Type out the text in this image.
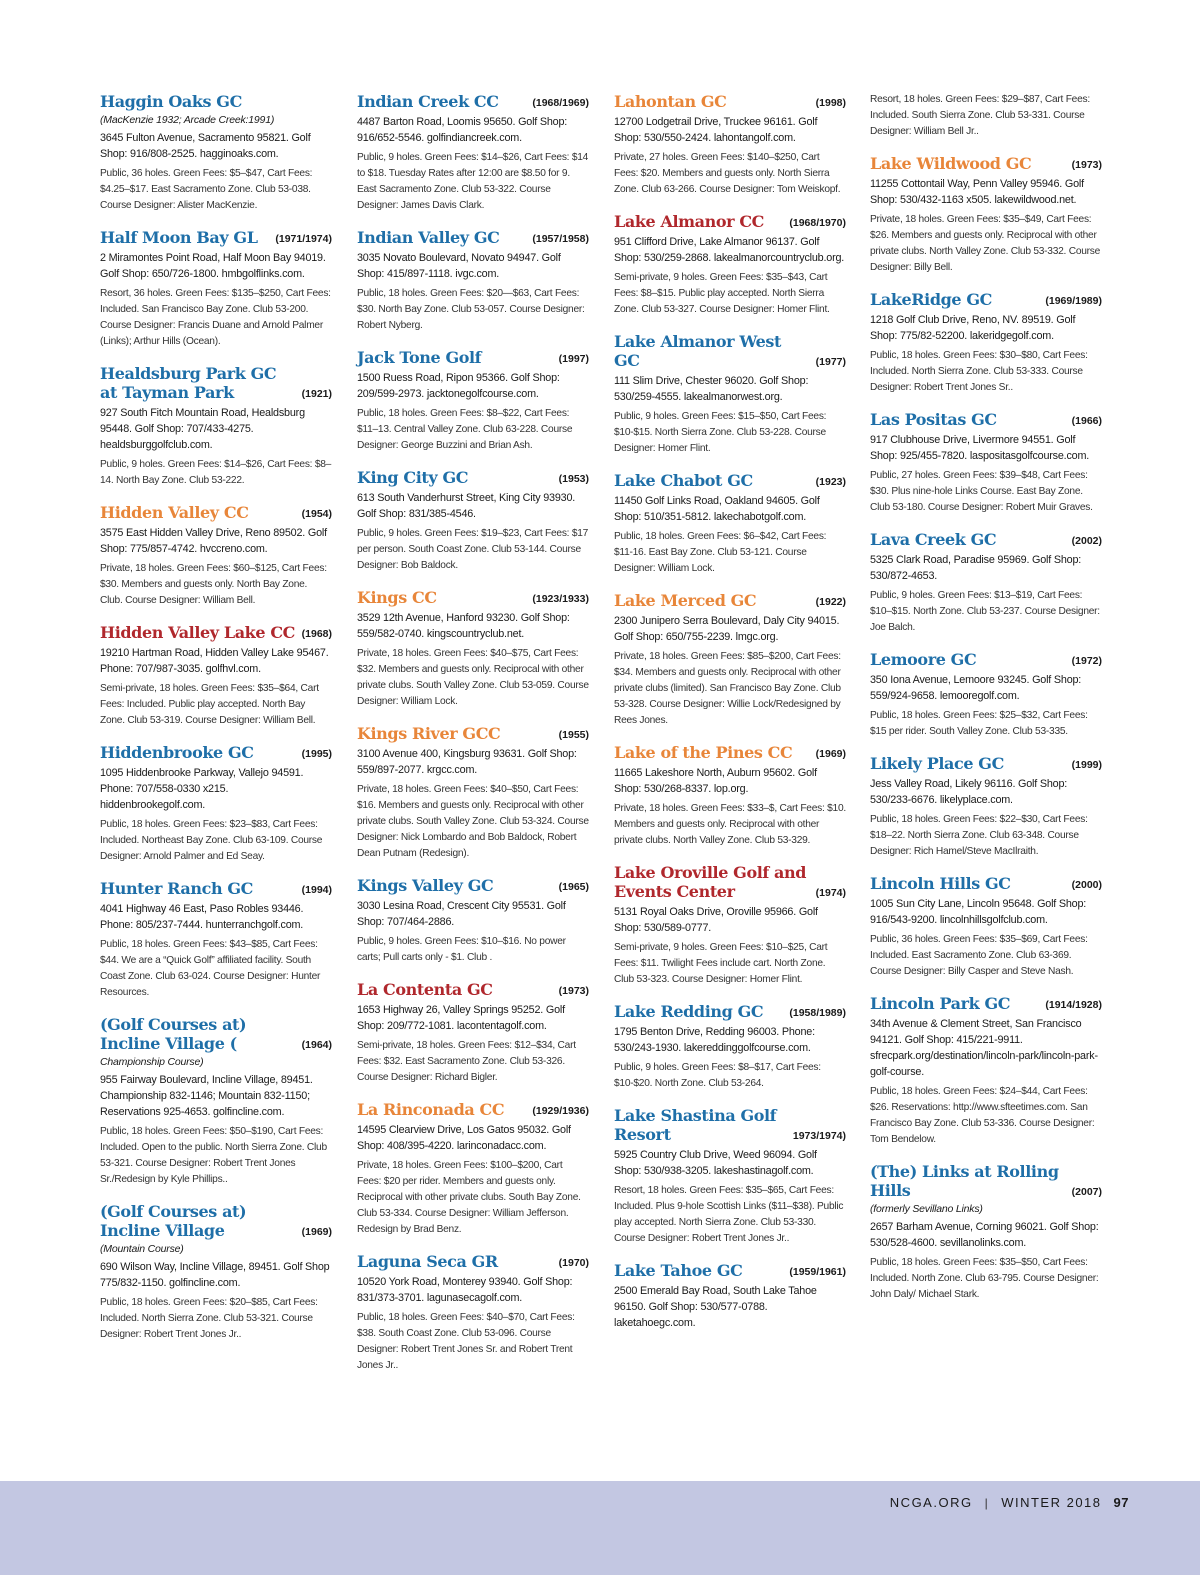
Haggin Oaks GC
(MacKenzie 1932; Arcade Creek:1991)
3645 Fulton Avenue, Sacramento 95821. Golf Shop: 916/808-2525. hagginoaks.com.
Public, 36 holes. Green Fees: $5–$47, Cart Fees: $4.25–$17. East Sacramento Zone. Club 53-038. Course Designer: Alister MacKenzie.
Half Moon Bay GL (1971/1974)
2 Miramontes Point Road, Half Moon Bay 94019. Golf Shop: 650/726-1800. hmbgolflinks.com.
Resort, 36 holes. Green Fees: $135–$250, Cart Fees: Included. San Francisco Bay Zone. Club 53-200. Course Designer: Francis Duane and Arnold Palmer (Links); Arthur Hills (Ocean).
Healdsburg Park GC at Tayman Park	(1921)
927 South Fitch Mountain Road, Healdsburg 95448. Golf Shop: 707/433-4275. healdsburggolfclub.com.
Public, 9 holes. Green Fees: $14–$26, Cart Fees: $8–14. North Bay Zone. Club 53-222.
Hidden Valley CC	(1954)
3575 East Hidden Valley Drive, Reno 89502. Golf Shop: 775/857-4742. hvccreno.com.
Private, 18 holes. Green Fees: $60–$125, Cart Fees: $30. Members and guests only. North Bay Zone. Club. Course Designer: William Bell.
Hidden Valley Lake CC (1968)
19210 Hartman Road, Hidden Valley Lake 95467. Phone: 707/987-3035. golfhvl.com.
Semi-private, 18 holes. Green Fees: $35–$64, Cart Fees: Included. Public play accepted. North Bay Zone. Club 53-319. Course Designer: William Bell.
Hiddenbrooke GC	(1995)
1095 Hiddenbrooke Parkway, Vallejo 94591. Phone: 707/558-0330 x215. hiddenbrookegolf.com.
Public, 18 holes. Green Fees: $23–$83, Cart Fees: Included. Northeast Bay Zone. Club 63-109. Course Designer: Arnold Palmer and Ed Seay.
Hunter Ranch GC	(1994)
4041 Highway 46 East, Paso Robles 93446. Phone: 805/237-7444. hunterranchgolf.com.
Public, 18 holes. Green Fees: $43–$85, Cart Fees: $44. We are a “Quick Golf” affiliated facility. South Coast Zone. Club 63-024. Course Designer: Hunter Resources.
(Golf Courses at) Incline Village (	(1964)
Championship Course)
955 Fairway Boulevard, Incline Village, 89451. Championship 832-1146; Mountain 832-1150; Reservations 925-4653. golfincline.com.
Public, 18 holes. Green Fees: $50–$190, Cart Fees: Included. Open to the public. North Sierra Zone. Club 53-321. Course Designer: Robert Trent Jones Sr./Redesign by Kyle Phillips..
(Golf Courses at) Incline Village	(1969)
(Mountain Course)
690 Wilson Way, Incline Village, 89451. Golf Shop 775/832-1150. golfincline.com.
Public, 18 holes. Green Fees: $20–$85, Cart Fees: Included. North Sierra Zone. Club 53-321. Course Designer: Robert Trent Jones Jr..
Indian Creek CC	(1968/1969)
4487 Barton Road, Loomis 95650. Golf Shop: 916/652-5546. golfindiancreek.com.
Public, 9 holes. Green Fees: $14–$26, Cart Fees: $14 to $18. Tuesday Rates after 12:00 are $8.50 for 9. East Sacramento Zone. Club 53-322. Course Designer: James Davis Clark.
Indian Valley GC	(1957/1958)
3035 Novato Boulevard, Novato 94947. Golf Shop: 415/897-1118. ivgc.com.
Public, 18 holes. Green Fees: $20—$63, Cart Fees: $30. North Bay Zone. Club 53-057. Course Designer: Robert Nyberg.
Jack Tone Golf	(1997)
1500 Ruess Road, Ripon 95366. Golf Shop: 209/599-2973. jacktonegolfcourse.com.
Public, 18 holes. Green Fees: $8–$22, Cart Fees: $11–13. Central Valley Zone. Club 63-228. Course Designer: George Buzzini and Brian Ash.
King City GC	(1953)
613 South Vanderhurst Street, King City 93930. Golf Shop: 831/385-4546.
Public, 9 holes. Green Fees: $19–$23, Cart Fees: $17 per person. South Coast Zone. Club 53-144. Course Designer: Bob Baldock.
Kings CC	(1923/1933)
3529 12th Avenue, Hanford 93230. Golf Shop: 559/582-0740. kingscountryclub.net.
Private, 18 holes. Green Fees: $40–$75, Cart Fees: $32. Members and guests only. Reciprocal with other private clubs. South Valley Zone. Club 53-059. Course Designer: William Lock.
Kings River GCC	(1955)
3100 Avenue 400, Kingsburg 93631. Golf Shop: 559/897-2077. krgcc.com.
Private, 18 holes. Green Fees: $40–$50, Cart Fees: $16. Members and guests only. Reciprocal with other private clubs. South Valley Zone. Club 53-324. Course Designer: Nick Lombardo and Bob Baldock, Robert Dean Putnam (Redesign).
Kings Valley GC	(1965)
3030 Lesina Road, Crescent City 95531. Golf Shop: 707/464-2886.
Public, 9 holes. Green Fees: $10–$16. No power carts; Pull carts only - $1. Club .
La Contenta GC	(1973)
1653 Highway 26, Valley Springs 95252. Golf Shop: 209/772-1081. lacontentagolf.com.
Semi-private, 18 holes. Green Fees: $12–$34, Cart Fees: $32. East Sacramento Zone. Club 53-326. Course Designer: Richard Bigler.
La Rinconada CC	(1929/1936)
14595 Clearview Drive, Los Gatos 95032. Golf Shop: 408/395-4220. larinconadacc.com.
Private, 18 holes. Green Fees: $100–$200, Cart Fees: $20 per rider. Members and guests only. Reciprocal with other private clubs. South Bay Zone. Club 53-334. Course Designer: William Jefferson. Redesign by Brad Benz.
Laguna Seca GR	(1970)
10520 York Road, Monterey 93940. Golf Shop: 831/373-3701. lagunasecagolf.com.
Public, 18 holes. Green Fees: $40–$70, Cart Fees: $38. South Coast Zone. Club 53-096. Course Designer: Robert Trent Jones Sr. and Robert Trent Jones Jr..
Lahontan GC	(1998)
12700 Lodgetrail Drive, Truckee 96161. Golf Shop: 530/550-2424. lahontangolf.com.
Private, 27 holes. Green Fees: $140–$250, Cart Fees: $20. Members and guests only. North Sierra Zone. Club 63-266. Course Designer: Tom Weiskopf.
Lake Almanor CC (1968/1970)
951 Clifford Drive, Lake Almanor 96137. Golf Shop: 530/259-2868. lakealmanorcountryclub.org.
Semi-private, 9 holes. Green Fees: $35–$43, Cart Fees: $8–$15. Public play accepted. North Sierra Zone. Club 53-327. Course Designer: Homer Flint.
Lake Almanor West GC	(1977)
111 Slim Drive, Chester 96020. Golf Shop: 530/259-4555. lakealmanorwest.org.
Public, 9 holes. Green Fees: $15–$50, Cart Fees: $10-$15. North Sierra Zone. Club 53-228. Course Designer: Homer Flint.
Lake Chabot GC	(1923)
11450 Golf Links Road, Oakland 94605. Golf Shop: 510/351-5812. lakechabotgolf.com.
Public, 18 holes. Green Fees: $6–$42, Cart Fees: $11-16. East Bay Zone. Club 53-121. Course Designer: William Lock.
Lake Merced GC	(1922)
2300 Junipero Serra Boulevard, Daly City 94015. Golf Shop: 650/755-2239. lmgc.org.
Private, 18 holes. Green Fees: $85–$200, Cart Fees: $34. Members and guests only. Reciprocal with other private clubs (limited). San Francisco Bay Zone. Club 53-328. Course Designer: Willie Lock/Redesigned by Rees Jones.
Lake of the Pines CC (1969)
11665 Lakeshore North, Auburn 95602. Golf Shop: 530/268-8337. lop.org.
Private, 18 holes. Green Fees: $33–$, Cart Fees: $10. Members and guests only. Reciprocal with other private clubs. North Valley Zone. Club 53-329.
Lake Oroville Golf and Events Center	(1974)
5131 Royal Oaks Drive, Oroville 95966. Golf Shop: 530/589-0777.
Semi-private, 9 holes. Green Fees: $10–$25, Cart Fees: $11. Twilight Fees include cart. North Zone. Club 53-323. Course Designer: Homer Flint.
Lake Redding GC (1958/1989)
1795 Benton Drive, Redding 96003. Phone: 530/243-1930. lakereddinggolfcourse.com.
Public, 9 holes. Green Fees: $8–$17, Cart Fees: $10-$20. North Zone. Club 53-264.
Lake Shastina Golf Resort	1973/1974)
5925 Country Club Drive, Weed 96094. Golf Shop: 530/938-3205. lakeshastinagolf.com.
Resort, 18 holes. Green Fees: $35–$65, Cart Fees: Included. Plus 9-hole Scottish Links ($11–$38). Public play accepted. North Sierra Zone. Club 53-330. Course Designer: Robert Trent Jones Jr..
Lake Tahoe GC	(1959/1961)
2500 Emerald Bay Road, South Lake Tahoe 96150. Golf Shop: 530/577-0788. laketahoegc.com.
Resort, 18 holes. Green Fees: $29–$87, Cart Fees: Included. South Sierra Zone. Club 53-331. Course Designer: William Bell Jr..
Lake Wildwood GC	(1973)
11255 Cottontail Way, Penn Valley 95946. Golf Shop: 530/432-1163 x505. lakewildwood.net.
Private, 18 holes. Green Fees: $35–$49, Cart Fees: $26. Members and guests only. Reciprocal with other private clubs. North Valley Zone. Club 53-332. Course Designer: Billy Bell.
LakeRidge GC	(1969/1989)
1218 Golf Club Drive, Reno, NV. 89519. Golf Shop: 775/82-52200. lakeridgegolf.com.
Public, 18 holes. Green Fees: $30–$80, Cart Fees: Included. North Sierra Zone. Club 53-333. Course Designer: Robert Trent Jones Sr..
Las Positas GC	(1966)
917 Clubhouse Drive, Livermore 94551. Golf Shop: 925/455-7820. laspositasgolfcourse.com.
Public, 27 holes. Green Fees: $39–$48, Cart Fees: $30. Plus nine-hole Links Course. East Bay Zone. Club 53-180. Course Designer: Robert Muir Graves.
Lava Creek GC	(2002)
5325 Clark Road, Paradise 95969. Golf Shop: 530/872-4653.
Public, 9 holes. Green Fees: $13–$19, Cart Fees: $10–$15. North Zone. Club 53-237. Course Designer: Joe Balch.
Lemoore GC	(1972)
350 Iona Avenue, Lemoore 93245. Golf Shop: 559/924-9658. lemooregolf.com.
Public, 18 holes. Green Fees: $25–$32, Cart Fees: $15 per rider. South Valley Zone. Club 53-335.
Likely Place GC	(1999)
Jess Valley Road, Likely 96116. Golf Shop: 530/233-6676. likelyplace.com.
Public, 18 holes. Green Fees: $22–$30, Cart Fees: $18–22. North Sierra Zone. Club 63-348. Course Designer: Rich Hamel/Steve MacIlraith.
Lincoln Hills GC	(2000)
1005 Sun City Lane, Lincoln 95648. Golf Shop: 916/543-9200. lincolnhillsgolfclub.com.
Public, 36 holes. Green Fees: $35–$69, Cart Fees: Included. East Sacramento Zone. Club 63-369. Course Designer: Billy Casper and Steve Nash.
Lincoln Park GC	(1914/1928)
34th Avenue & Clement Street, San Francisco 94121. Golf Shop: 415/221-9911. sfrecpark.org/destination/lincoln-park/lincoln-park-golf-course.
Public, 18 holes. Green Fees: $24–$44, Cart Fees: $26. Reservations: http://www.sfteetimes.com. San Francisco Bay Zone. Club 53-336. Course Designer: Tom Bendelow.
(The) Links at Rolling Hills	(2007)
(formerly Sevillano Links)
2657 Barham Avenue, Corning 96021. Golf Shop: 530/528-4600. sevillanolinks.com.
Public, 18 holes. Green Fees: $35–$50, Cart Fees: Included. North Zone. Club 63-795. Course Designer: John Daly/ Michael Stark.
NCGA.ORG | WINTER 2018 97
